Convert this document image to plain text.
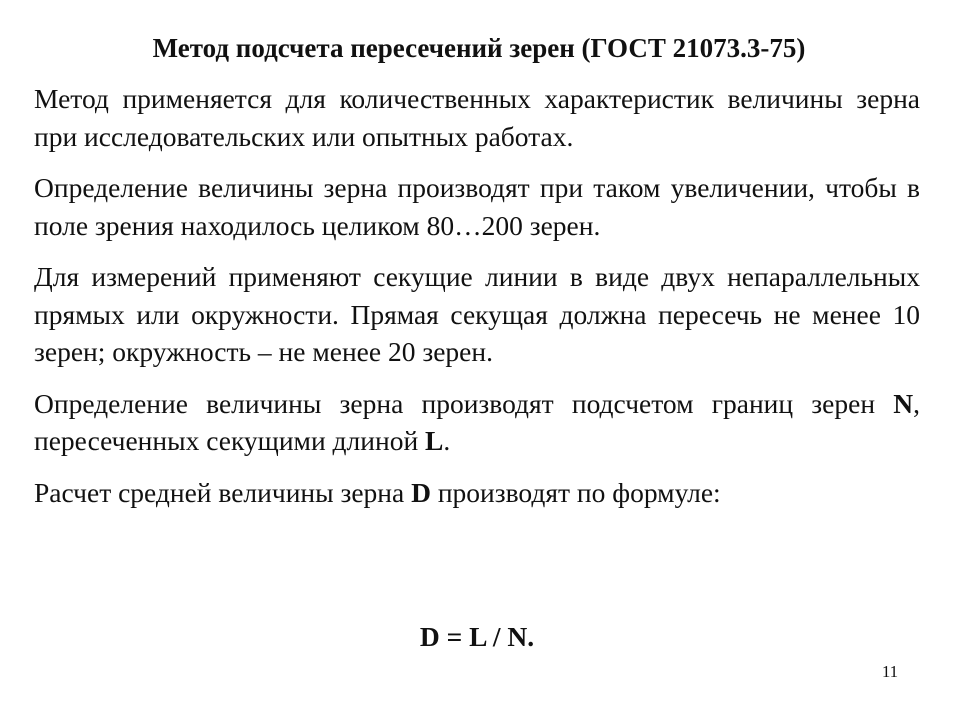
Метод подсчета пересечений зерен (ГОСТ 21073.3-75)

Метод применяется для количественных характеристик величины зерна при исследовательских или опытных работах.

Определение величины зерна производят при таком увеличении, чтобы в поле зрения находилось целиком 80…200 зерен.

Для измерений применяют секущие линии в виде двух непараллельных прямых или окружности. Прямая секущая должна пересечь не менее 10 зерен; окружность – не менее 20 зерен.

Определение величины зерна производят подсчетом границ зерен N, пересеченных секущими длиной L.

Расчет средней величины зерна D производят по формуле:

D = L / N.
11
